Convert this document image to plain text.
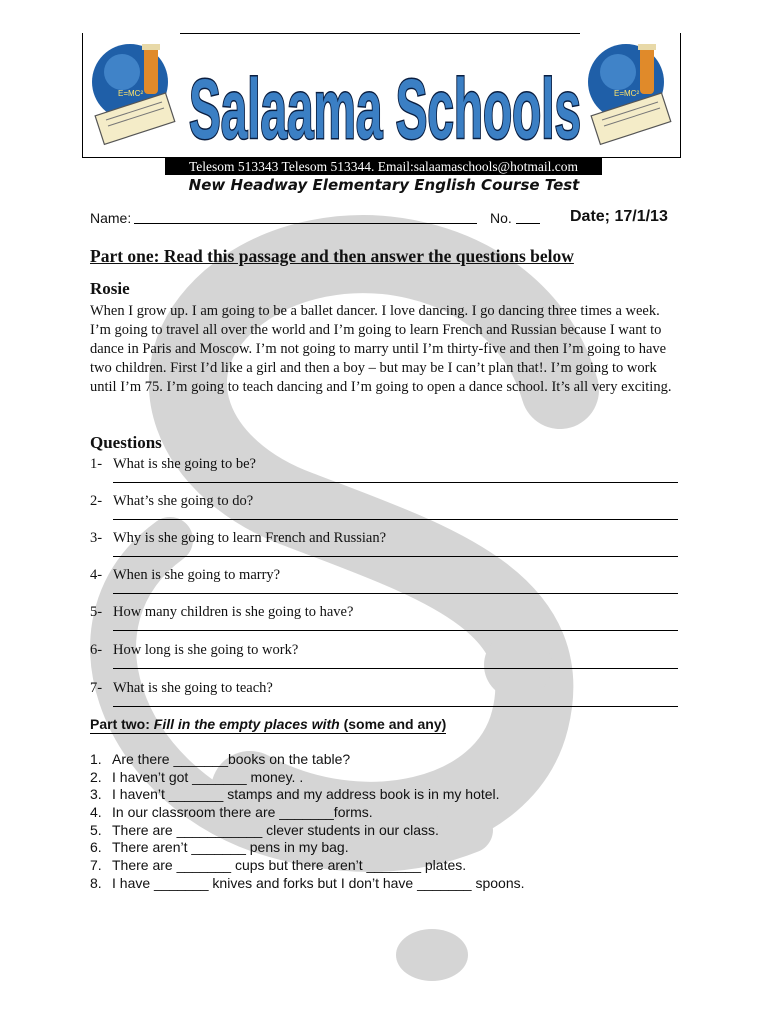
E=MC²	E=MC²
Salaama Schools
Telesom 513343 Telesom 513344. Email:salaamaschools@hotmail.com
New Headway Elementary English Course Test
Name:	No.	Date; 17/1/13
Part one: Read this passage and then answer the questions below
Rosie
When I grow up. I am going to be a ballet dancer. I love dancing. I go dancing three times a week. I’m going to travel all over the world and I’m going to learn French and Russian because I want to dance in Paris and Moscow. I’m not going to marry until I’m thirty-five and then I’m going to have two children. First I’d like a girl and then a boy – but may be I can’t plan that!. I’m going to work until I’m 75. I’m going to teach dancing and I’m going to open a dance school. It’s all very exciting.
Questions
1- What is she going to be?
2- What’s she going to do?
3- Why is she going to learn French and Russian?
4- When is she going to marry?
5- How many children is she going to have?
6- How long is she going to work?
7- What is she going to teach?
Part two: Fill in the empty places with (some and any)
1. Are there _______books on the table?
2. I haven’t got _______ money. .
3. I haven’t _______ stamps and my address book is in my hotel.
4. In our classroom there are _______forms.
5. There are ___________ clever students in our class.
6. There aren’t _______ pens in my bag.
7. There are _______ cups but there aren’t _______ plates.
8. I have _______ knives and forks but I don’t have _______ spoons.
